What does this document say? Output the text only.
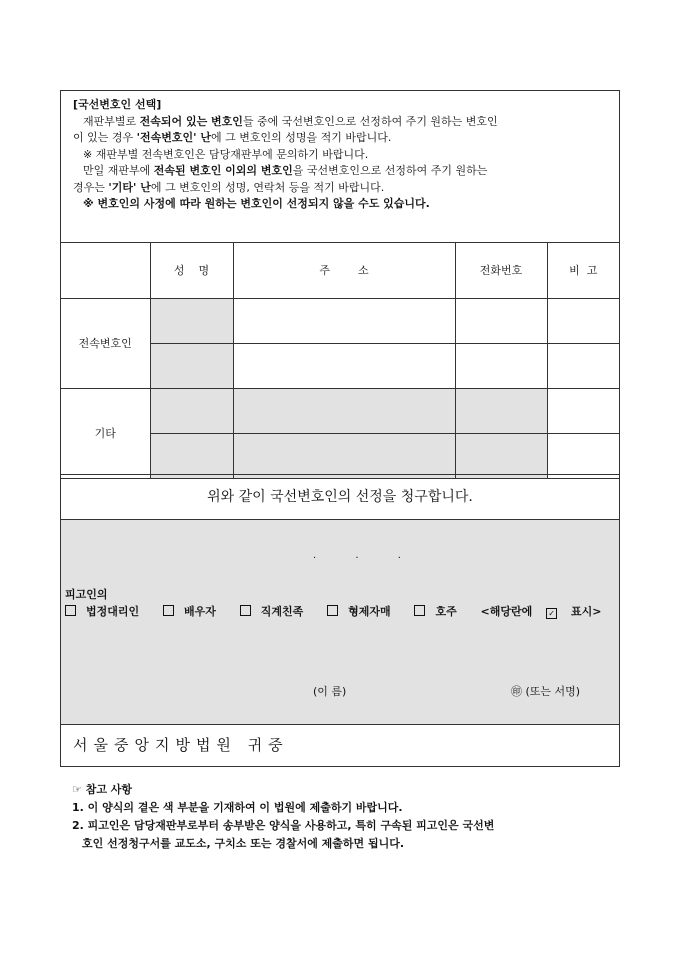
[국선변호인 선택]
재판부별로 전속되어 있는 변호인들 중에 국선변호인으로 선정하여 주기 원하는 변호인
이 있는 경우 '전속변호인' 난에 그 변호인의 성명을 적기 바랍니다.
※ 재판부별 전속변호인은 담당재판부에 문의하기 바랍니다.
만일 재판부에 전속된 변호인 이외의 변호인을 국선변호인으로 선정하여 주기 원하는
경우는 '기타' 난에 그 변호인의 성명, 연락처 등을 적기 바랍니다.
※ 변호인의 사정에 따라 원하는 변호인이 선정되지 않을 수도 있습니다.
	성    명	주        소	전화번호	비  고
전속변호인				

기타				

위와 같이 국선변호인의 선정을 청구합니다.
. . .
피고인의
법정대리인	배우자	직계친족	형제자매	호주 <해당란에 ✓ 표시>
(이 름)	㊞ (또는 서명)
서울중앙지방법원 귀중
☞ 참고 사항
1. 이 양식의 곁은 색 부분을 기재하여 이 법원에 제출하기 바랍니다.
2. 피고인은 담당재판부로부터 송부받은 양식을 사용하고, 특히 구속된 피고인은 국선변
호인 선정청구서를 교도소, 구치소 또는 경찰서에 제출하면 됩니다.
